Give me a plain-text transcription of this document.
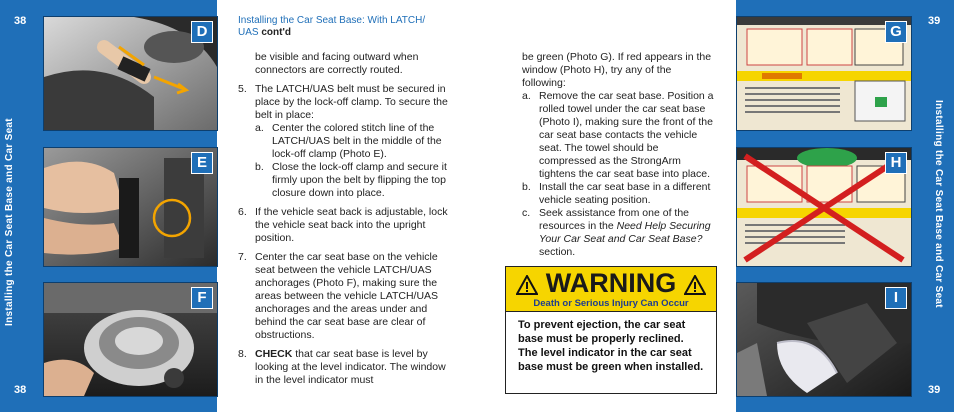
38
38
Installing the Car Seat Base and Car Seat
D
E
F
39
39
G
H
I	Installing the Car Seat Base and Car Seat
Installing the Car Seat Base: With LATCH/
UAS cont'd

be visible and facing outward when connectors are correctly routed.

5. The LATCH/UAS belt must be secured in place by the lock-off clamp. To secure the belt in place:
a. Center the colored stitch line of the LATCH/UAS belt in the middle of the lock-off clamp (Photo E).
b. Close the lock-off clamp and secure it firmly upon the belt by flipping the top closure down into place.
6. If the vehicle seat back is adjustable, lock the vehicle seat back into the upright position.
7. Center the car seat base on the vehicle seat between the vehicle LATCH/UAS anchorages (Photo F), making sure the areas between the vehicle LATCH/UAS anchorages and the areas under and behind the car seat base are clear of obstructions.
8. CHECK that car seat base is level by looking at the level indicator. The window in the level indicator must

be green (Photo G). If red appears in the window (Photo H), try any of the following:

a. Remove the car seat base. Position a rolled towel under the car seat base (Photo I), making sure the front of the car seat base contacts the vehicle seat. The towel should be compressed as the StrongArm tightens the car seat base into place.
b. Install the car seat base in a different vehicle seating position.
c. Seek assistance from one of the resources in the Need Help Securing Your Car Seat and Car Seat Base? section.
WARNING
Death or Serious Injury Can Occur
To prevent ejection, the car seat base must be properly reclined. The level indicator in the car seat base must be green when installed.
